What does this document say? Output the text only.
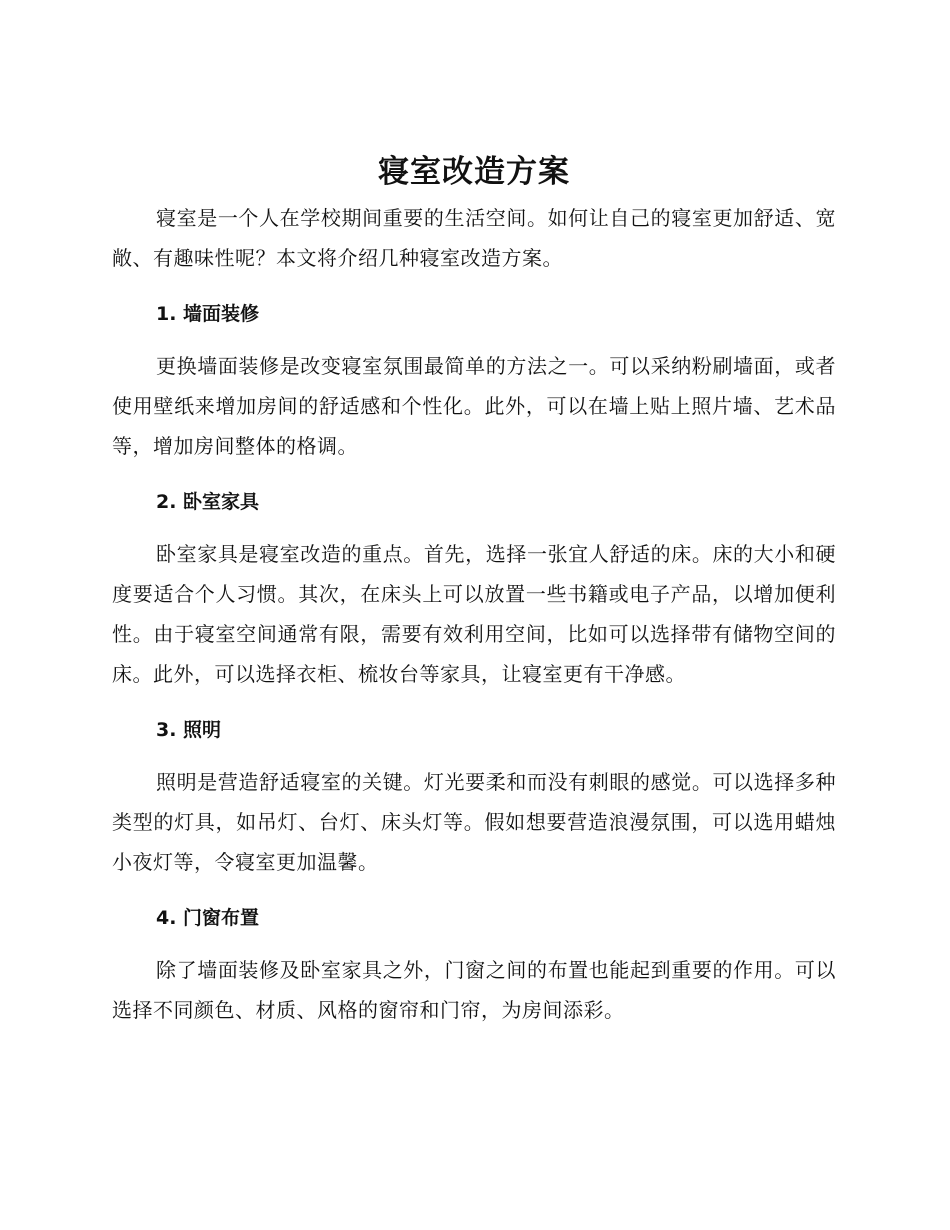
寝室改造方案

寝室是一个人在学校期间重要的生活空间。如何让自己的寝室更加舒适、宽敞、有趣味性呢？本文将介绍几种寝室改造方案。

1. 墙面装修

更换墙面装修是改变寝室氛围最简单的方法之一。可以采纳粉刷墙面，或者使用壁纸来增加房间的舒适感和个性化。此外，可以在墙上贴上照片墙、艺术品等，增加房间整体的格调。

2. 卧室家具

卧室家具是寝室改造的重点。首先，选择一张宜人舒适的床。床的大小和硬度要适合个人习惯。其次，在床头上可以放置一些书籍或电子产品，以增加便利性。由于寝室空间通常有限，需要有效利用空间，比如可以选择带有储物空间的床。此外，可以选择衣柜、梳妆台等家具，让寝室更有干净感。

3. 照明

照明是营造舒适寝室的关键。灯光要柔和而没有刺眼的感觉。可以选择多种类型的灯具，如吊灯、台灯、床头灯等。假如想要营造浪漫氛围，可以选用蜡烛小夜灯等，令寝室更加温馨。

4. 门窗布置

除了墙面装修及卧室家具之外，门窗之间的布置也能起到重要的作用。可以选择不同颜色、材质、风格的窗帘和门帘，为房间添彩。
